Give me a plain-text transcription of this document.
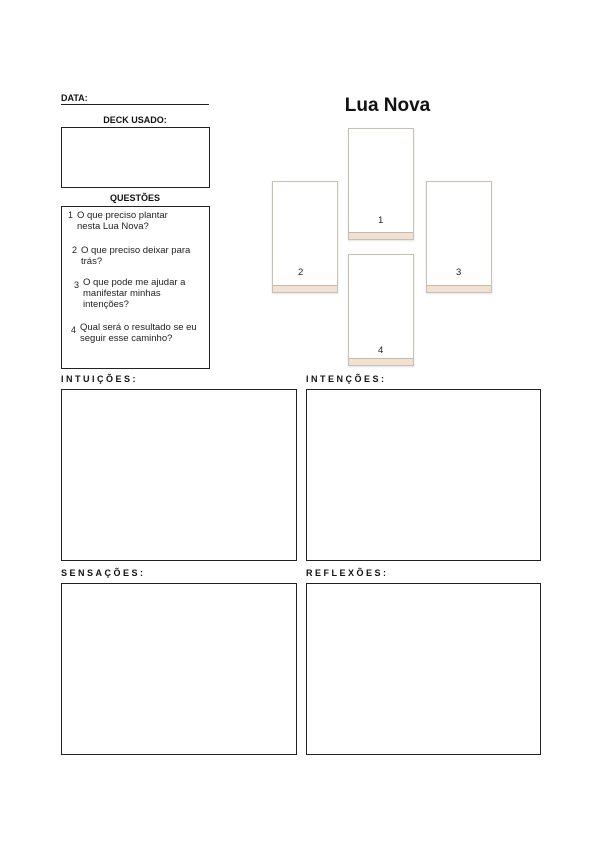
DATA:
DECK USADO:
QUESTÕES
1 O que preciso plantar nesta Lua Nova?
2 O que preciso deixar para trás?
3 O que pode me ajudar a manifestar minhas intenções?
4 Qual será o resultado se eu seguir esse caminho?
Lua Nova
1
2	3
4
INTUIÇÕES:	INTENÇÕES:
SENSAÇÕES:	REFLEXÕES:
